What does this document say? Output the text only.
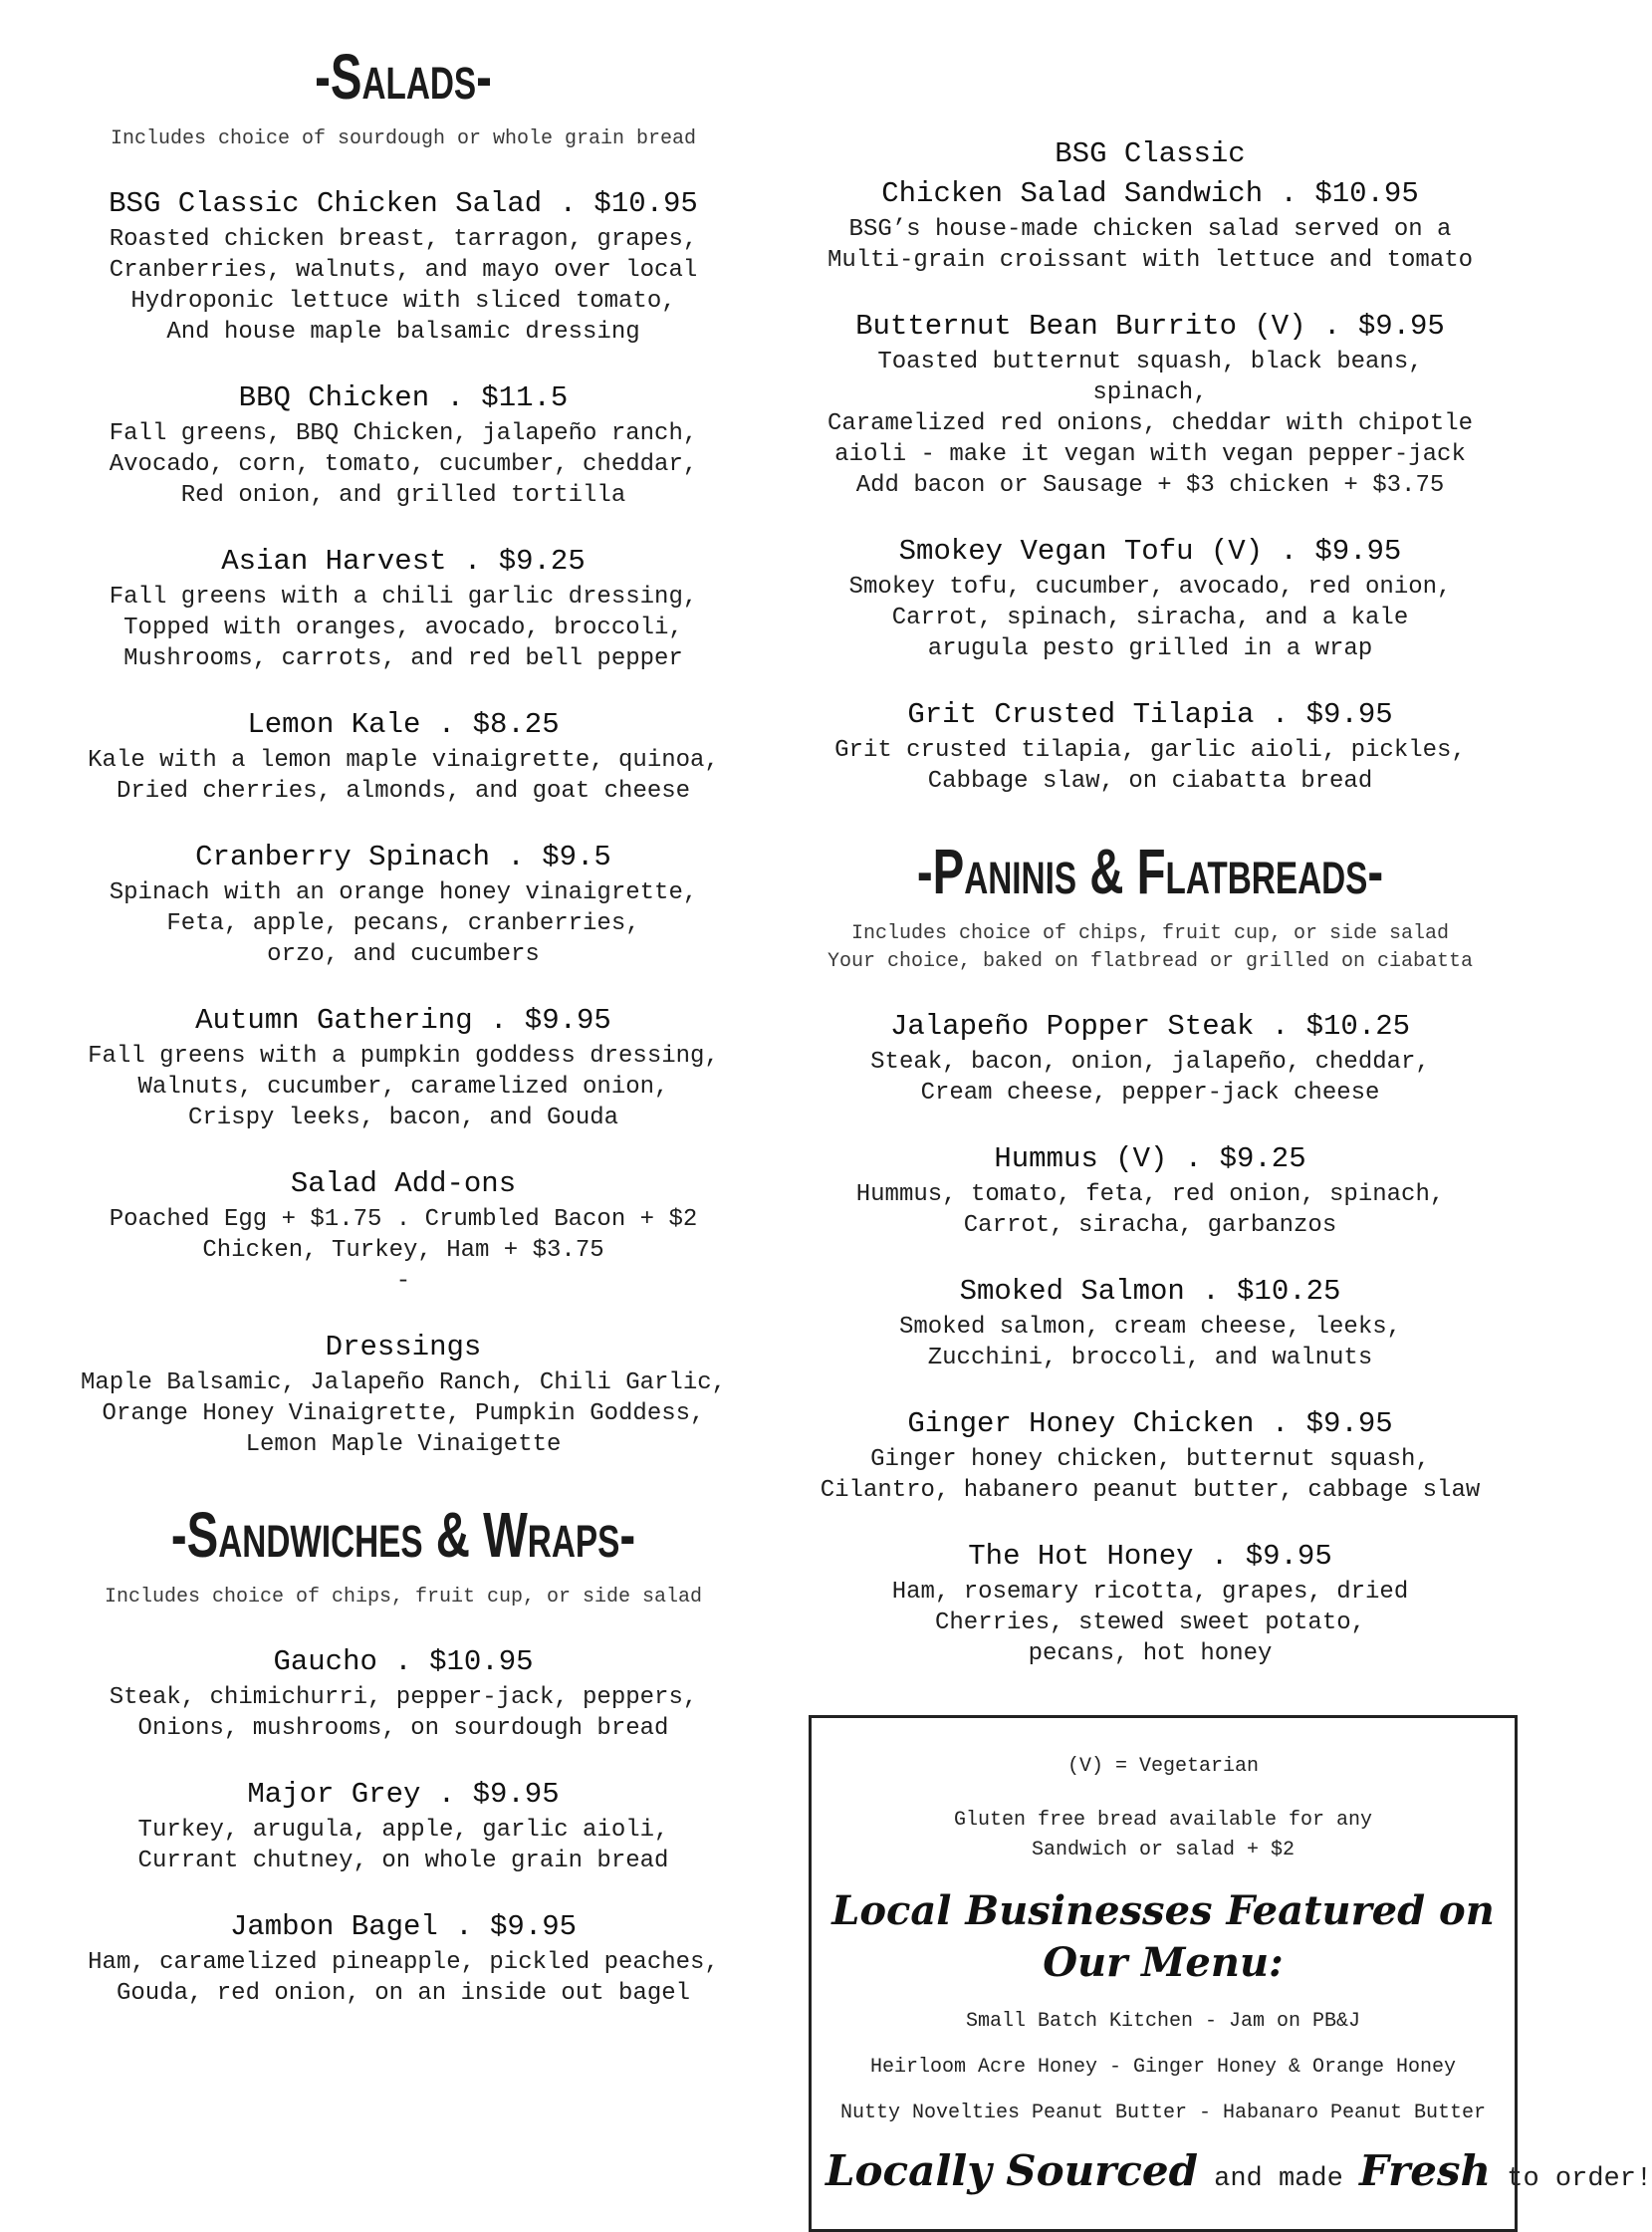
-Salads-
Includes choice of sourdough or whole grain bread
BSG Classic Chicken Salad . $10.95
Roasted chicken breast, tarragon, grapes,
Cranberries, walnuts, and mayo over local
Hydroponic lettuce with sliced tomato,
And house maple balsamic dressing
BBQ Chicken . $11.5
Fall greens, BBQ Chicken, jalapeño ranch,
Avocado, corn, tomato, cucumber, cheddar,
Red onion, and grilled tortilla
Asian Harvest . $9.25
Fall greens with a chili garlic dressing,
Topped with oranges, avocado, broccoli,
Mushrooms, carrots, and red bell pepper
Lemon Kale . $8.25
Kale with a lemon maple vinaigrette, quinoa,
Dried cherries, almonds, and goat cheese
Cranberry Spinach . $9.5
Spinach with an orange honey vinaigrette,
Feta, apple, pecans, cranberries,
orzo, and cucumbers
Autumn Gathering . $9.95
Fall greens with a pumpkin goddess dressing,
Walnuts, cucumber, caramelized onion,
Crispy leeks, bacon, and Gouda
Salad Add-ons
Poached Egg + $1.75 . Crumbled Bacon + $2
Chicken, Turkey, Ham + $3.75
-
Dressings
Maple Balsamic, Jalapeño Ranch, Chili Garlic,
Orange Honey Vinaigrette, Pumpkin Goddess,
Lemon Maple Vinaigette
-Sandwiches & Wraps-
Includes choice of chips, fruit cup, or side salad
Gaucho . $10.95
Steak, chimichurri, pepper-jack, peppers,
Onions, mushrooms, on sourdough bread
Major Grey . $9.95
Turkey, arugula, apple, garlic aioli,
Currant chutney, on whole grain bread
Jambon Bagel . $9.95
Ham, caramelized pineapple, pickled peaches,
Gouda, red onion, on an inside out bagel
BSG Classic
Chicken Salad Sandwich . $10.95
BSG’s house-made chicken salad served on a
Multi-grain croissant with lettuce and tomato
Butternut Bean Burrito (V) . $9.95
Toasted butternut squash, black beans, spinach,
Caramelized red onions, cheddar with chipotle
aioli - make it vegan with vegan pepper-jack
Add bacon or Sausage + $3 chicken + $3.75
Smokey Vegan Tofu (V) . $9.95
Smokey tofu, cucumber, avocado, red onion,
Carrot, spinach, siracha, and a kale
arugula pesto grilled in a wrap
Grit Crusted Tilapia . $9.95
Grit crusted tilapia, garlic aioli, pickles,
Cabbage slaw, on ciabatta bread
-Paninis & Flatbreads-
Includes choice of chips, fruit cup, or side salad
Your choice, baked on flatbread or grilled on ciabatta
Jalapeño Popper Steak . $10.25
Steak, bacon, onion, jalapeño, cheddar,
Cream cheese, pepper-jack cheese
Hummus (V) . $9.25
Hummus, tomato, feta, red onion, spinach,
Carrot, siracha, garbanzos
Smoked Salmon . $10.25
Smoked salmon, cream cheese, leeks,
Zucchini, broccoli, and walnuts
Ginger Honey Chicken . $9.95
Ginger honey chicken, butternut squash,
Cilantro, habanero peanut butter, cabbage slaw
The Hot Honey . $9.95
Ham, rosemary ricotta, grapes, dried
Cherries, stewed sweet potato,
pecans, hot honey
(V) = Vegetarian
Gluten free bread available for any
Sandwich or salad + $2
Local Businesses Featured on Our Menu:
Small Batch Kitchen - Jam on PB&J
Heirloom Acre Honey - Ginger Honey & Orange Honey
Nutty Novelties Peanut Butter - Habanaro Peanut Butter
Locally Sourced and made Fresh to order!
